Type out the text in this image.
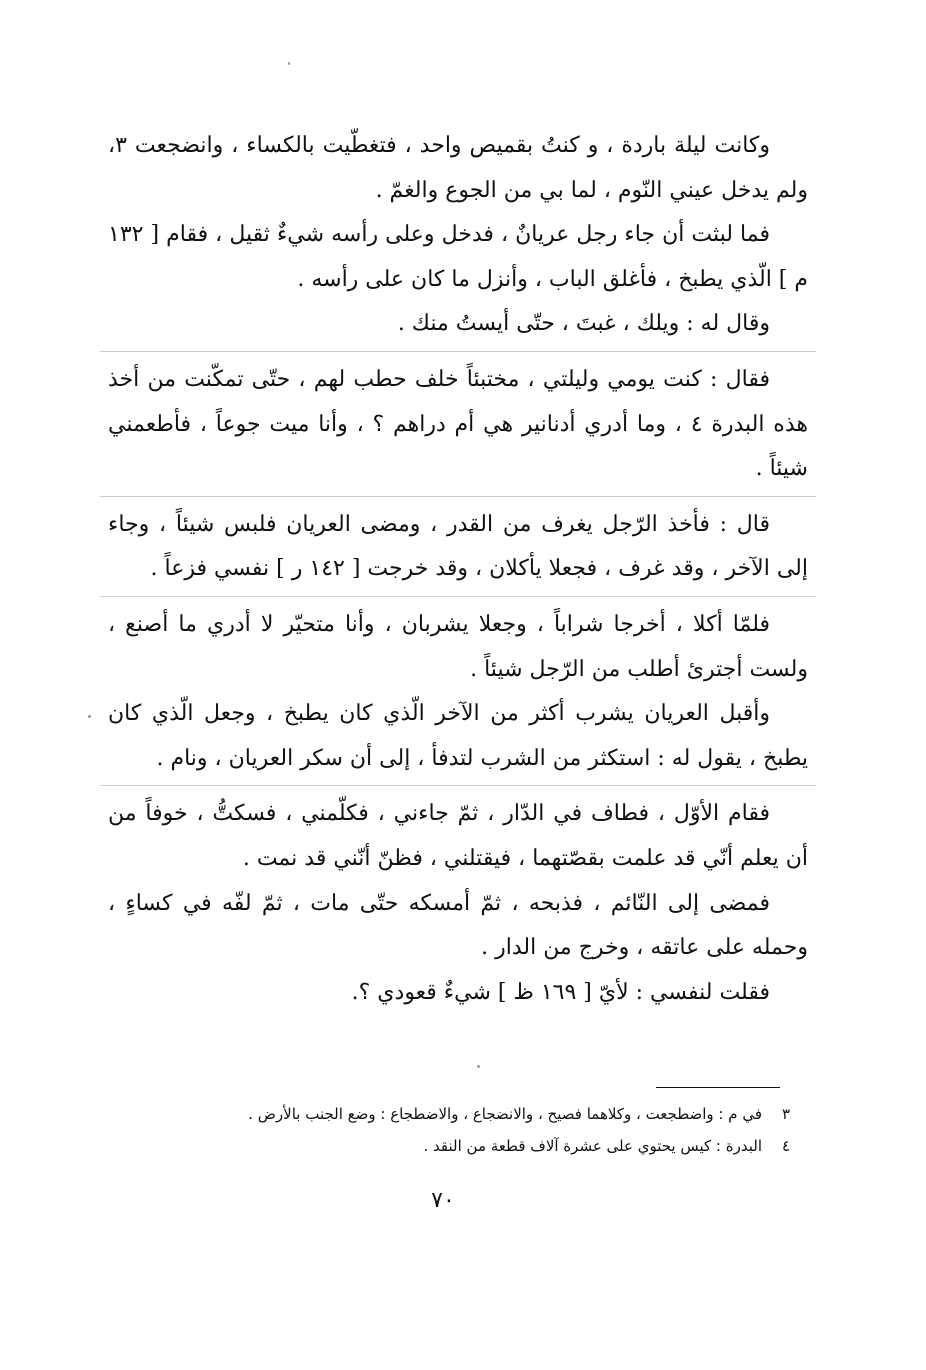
وكانت ليلة باردة ، و كنتُ بقميص واحد ، فتغطّيت بالكساء ، وانضجعت ٣، ولم يدخل عيني النّوم ، لما بي من الجوع والغمّ .

فما لبثت أن جاء رجل عريانٌ ، فدخل وعلى رأسه شيءٌ ثقيل ، فقام [ ١٣٢ م ] الّذي يطبخ ، فأغلق الباب ، وأنزل ما كان على رأسه .

وقال له : ويلك ، غبتَ ، حتّى أيستُ منك .

فقال : كنت يومي وليلتي ، مختبئاً خلف حطب لهم ، حتّى تمكّنت من أخذ هذه البدرة ٤ ، وما أدري أدنانير هي أم دراهم ؟ ، وأنا ميت جوعاً ، فأطعمني شيئاً .

قال : فأخذ الرّجل يغرف من القدر ، ومضى العريان فلبس شيئاً ، وجاء إلى الآخر ، وقد غرف ، فجعلا يأكلان ، وقد خرجت [ ١٤٢ ر ] نفسي فزعاً .

فلمّا أكلا ، أخرجا شراباً ، وجعلا يشربان ، وأنا متحيّر لا أدري ما أصنع ، ولست أجترئ أطلب من الرّجل شيئاً .

وأقبل العريان يشرب أكثر من الآخر الّذي كان يطبخ ، وجعل الّذي كان يطبخ ، يقول له : استكثر من الشرب لتدفأ ، إلى أن سكر العريان ، ونام .

فقام الأوّل ، فطاف في الدّار ، ثمّ جاءني ، فكلّمني ، فسكتُّ ، خوفاً من أن يعلم أنّي قد علمت بقصّتهما ، فيقتلني ، فظنّ أنّني قد نمت .

فمضى إلى النّائم ، فذبحه ، ثمّ أمسكه حتّى مات ، ثمّ لفّه في كساءٍ ، وحمله على عاتقه ، وخرج من الدار .

فقلت لنفسي : لأيّ [ ١٦٩ ظ ] شيءٌ قعودي ؟.

٣
في م : واضطجعت ، وكلاهما فصيح ، والانضجاع ، والاضطجاع : وضع الجنب بالأرض .
٤
البدرة : كيس يحتوي على عشرة آلاف قطعة من النقد .
٧٠
